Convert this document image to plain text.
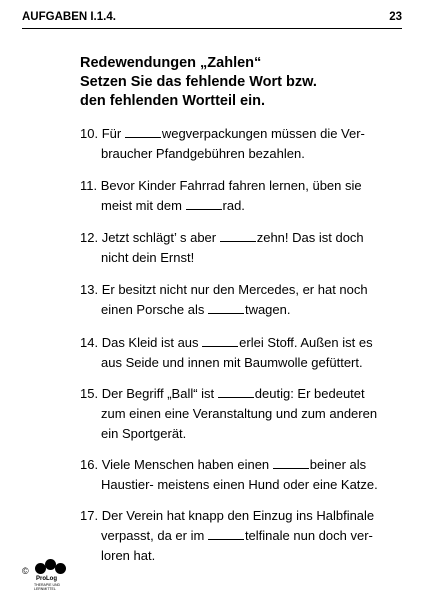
AUFGABEN I.1.4.	23
Redewendungen „Zahlen“
Setzen Sie das fehlende Wort bzw.
den fehlenden Wortteil ein.
10. Für	wegverpackungen müssen die Ver-
braucher Pfandgebühren bezahlen.
11. Bevor Kinder Fahrrad fahren lernen, üben sie
meist mit dem	rad.
12. Jetzt schlägt’ s aber	zehn! Das ist doch
nicht dein Ernst!
13. Er besitzt nicht nur den Mercedes, er hat noch
einen Porsche als	twagen.
14. Das Kleid ist aus	erlei Stoff. Außen ist es
aus Seide und innen mit Baumwolle gefüttert.
15. Der Begriff „Ball“ ist	deutig: Er bedeutet
zum einen eine Veranstaltung und zum anderen
ein Sportgerät.
16. Viele Menschen haben einen	beiner als
Haustier- meistens einen Hund oder eine Katze.
17. Der Verein hat knapp den Einzug ins Halbfinale
verpasst, da er im	telfinale nun doch ver-
loren hat.
©
ProLog
THERAPIE UND
LERNMITTEL
